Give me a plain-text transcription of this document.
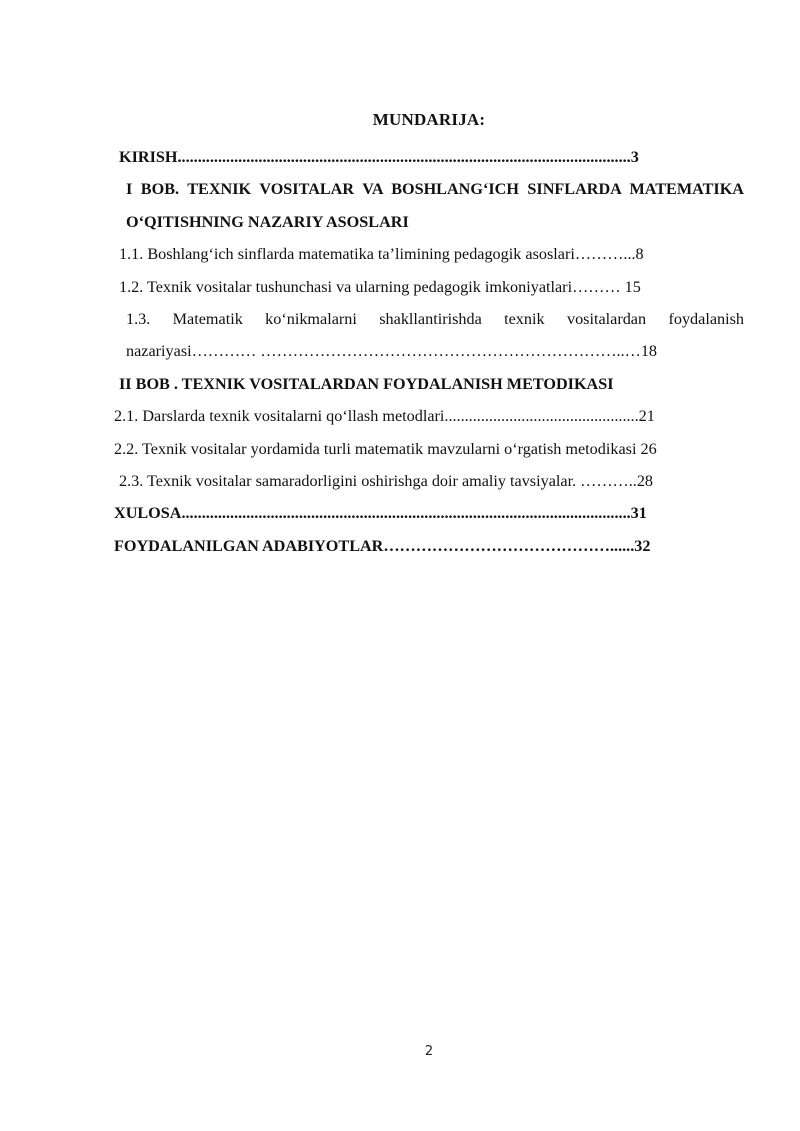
MUNDARIJA:
KIRISH................................................................................................................3
I BOB. TEXNIK VOSITALAR VA BOSHLANG‘ICH SINFLARDA MATEMATIKA O‘QITISHNING NAZARIY ASOSLARI
1.1. Boshlang‘ich sinflarda matematika ta’limining pedagogik asoslari………...8
1.2. Texnik vositalar tushunchasi va ularning pedagogik imkoniyatlari……… 15
1.3. Matematik ko‘nikmalarni shakllantirishda texnik vositalardan foydalanish nazariyasi………… …………………………………………………………..…18
II BOB . TEXNIK VOSITALARDAN FOYDALANISH METODIKASI
2.1. Darslarda texnik vositalarni qo‘llash metodlari................................................21
2.2. Texnik vositalar yordamida turli matematik mavzularni o‘rgatish metodikasi 26
2.3. Texnik vositalar samaradorligini oshirishga doir amaliy tavsiyalar. ………..28
XULOSA...............................................................................................................31
FOYDALANILGAN ADABIYOTLAR……………………………………......32
2
